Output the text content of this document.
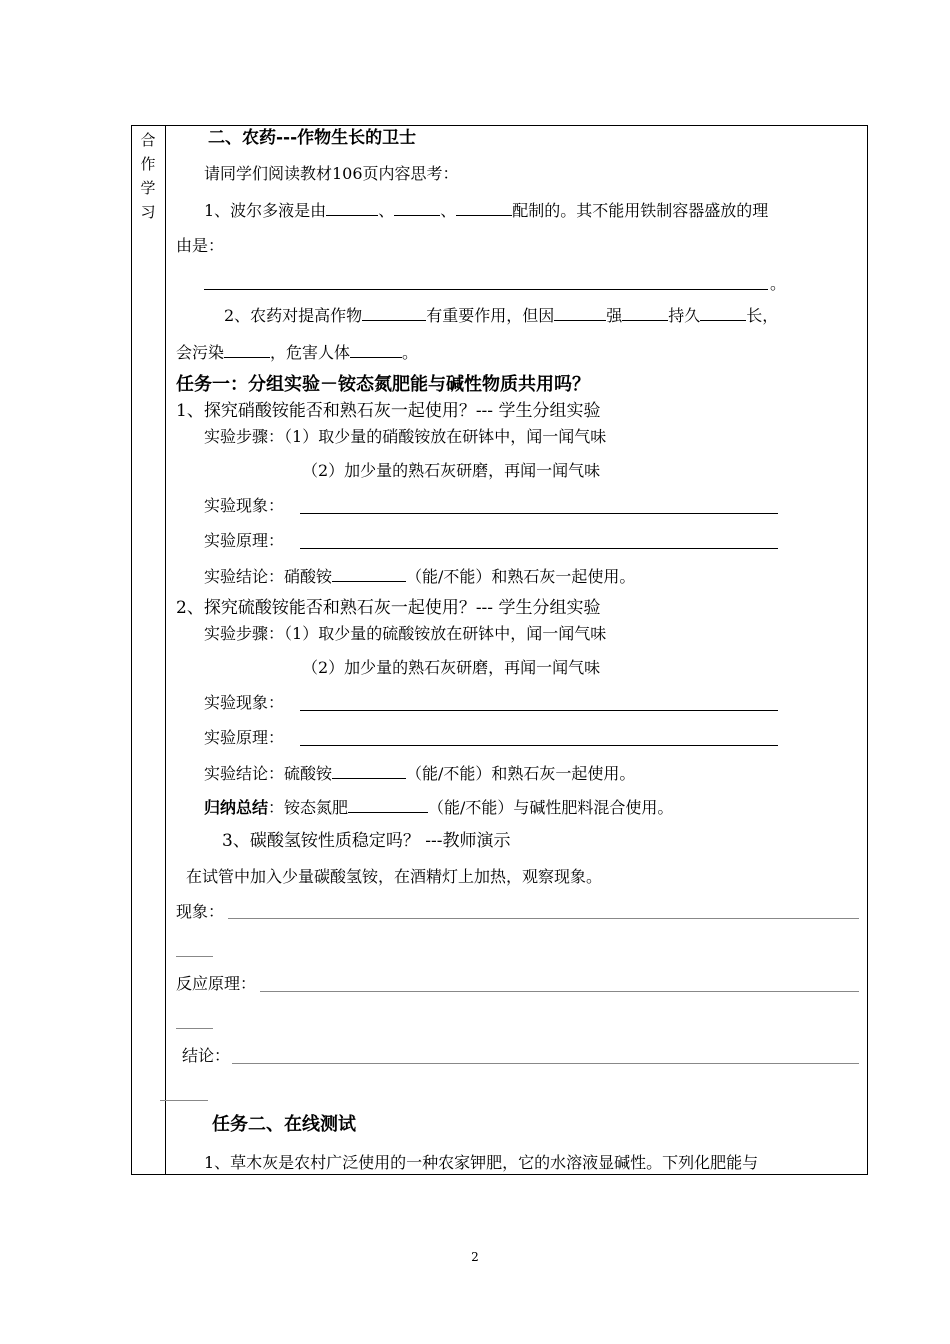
合
作
学
习
二、农药---作物生长的卫士
请同学们阅读教材106页内容思考：
1、波尔多液是由	、	、	配制的。其不能用铁制容器盛放的理
由是：
。
2、农药对提高作物	有重要作用，但因	强	持久	长，
会污染	，危害人体	。
任务一：分组实验－铵态氮肥能与碱性物质共用吗？
1、探究硝酸铵能否和熟石灰一起使用？--- 学生分组实验
实验步骤：（1）取少量的硝酸铵放在研钵中，闻一闻气味
（2）加少量的熟石灰研磨，再闻一闻气味
实验现象：
实验原理：
实验结论：硝酸铵	（能/不能）和熟石灰一起使用。
2、探究硫酸铵能否和熟石灰一起使用？--- 学生分组实验
实验步骤：（1）取少量的硫酸铵放在研钵中，闻一闻气味
（2）加少量的熟石灰研磨，再闻一闻气味
实验现象：
实验原理：
实验结论：硫酸铵	（能/不能）和熟石灰一起使用。
归纳总结：铵态氮肥	（能/不能）与碱性肥料混合使用。
3、碳酸氢铵性质稳定吗？ ---教师演示
在试管中加入少量碳酸氢铵，在酒精灯上加热，观察现象。
现象：
反应原理：
结论：
任务二、在线测试
1、草木灰是农村广泛使用的一种农家钾肥，它的水溶液显碱性。下列化肥能与
2
